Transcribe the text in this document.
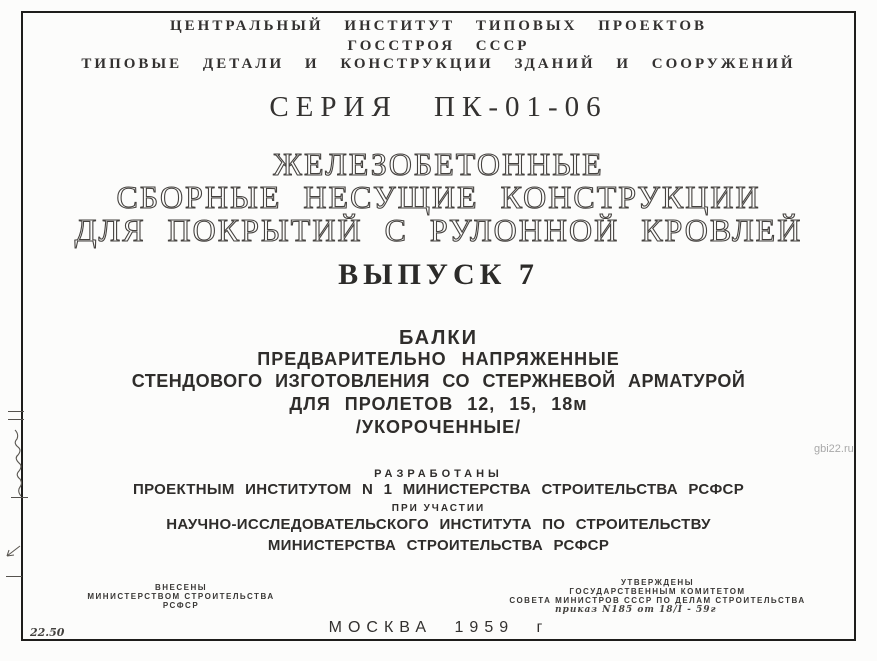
ЦЕНТРАЛЬНЫЙ ИНСТИТУТ ТИПОВЫХ ПРОЕКТОВ
ГОССТРОЯ СССР
ТИПОВЫЕ ДЕТАЛИ И КОНСТРУКЦИИ ЗДАНИЙ И СООРУЖЕНИЙ
СЕРИЯ ПК-01-06
ЖЕЛЕЗОБЕТОННЫЕ
СБОРНЫЕ НЕСУЩИЕ КОНСТРУКЦИИ
ДЛЯ ПОКРЫТИЙ С РУЛОННОЙ КРОВЛЕЙ
ВЫПУСК 7
БАЛКИ
ПРЕДВАРИТЕЛЬНО НАПРЯЖЕННЫЕ
СТЕНДОВОГО ИЗГОТОВЛЕНИЯ СО СТЕРЖНЕВОЙ АРМАТУРОЙ
ДЛЯ ПРОЛЕТОВ 12, 15, 18м
/УКОРОЧЕННЫЕ/
РАЗРАБОТАНЫ
ПРОЕКТНЫМ ИНСТИТУТОМ N 1 МИНИСТЕРСТВА СТРОИТЕЛЬСТВА РСФСР
ПРИ УЧАСТИИ
НАУЧНО-ИССЛЕДОВАТЕЛЬСКОГО ИНСТИТУТА ПО СТРОИТЕЛЬСТВУ
МИНИСТЕРСТВА СТРОИТЕЛЬСТВА РСФСР
ВНЕСЕНЫ
МИНИСТЕРСТВОМ СТРОИТЕЛЬСТВА
РСФСР
УТВЕРЖДЕНЫ
ГОСУДАРСТВЕННЫМ КОМИТЕТОМ
СОВЕТА МИНИСТРОВ СССР ПО ДЕЛАМ СТРОИТЕЛЬСТВА
приказ N185 от 18/I - 59г
МОСКВА 1959 г
22.50
gbi22.ru
